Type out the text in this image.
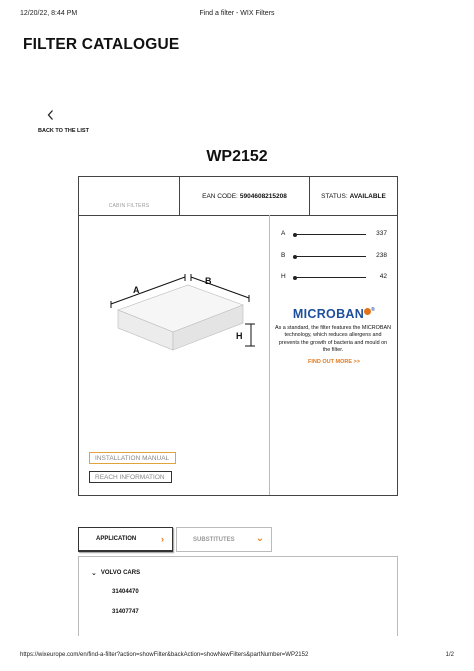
12/20/22, 8:44 PM	Find a filter - WIX Filters
FILTER CATALOGUE
BACK TO THE LIST
WP2152
CABIN FILTERS
EAN CODE: 5904608215208	STATUS: AVAILABLE
A
B
H
INSTALLATION MANUAL
REACH INFORMATION
A	337
B	238
H	42
MICROBAN ®
As a standard, the filter features the MICROBAN technology, which reduces allergens and prevents the growth of bacteria and mould on the filter.
FIND OUT MORE >>
APPLICATION	›	SUBSTITUTES ⌄
⌄ VOLVO CARS
31404470
31407747
https://wixeurope.com/en/find-a-filter?action=showFilter&backAction=showNewFilters&partNumber=WP2152	1/2
